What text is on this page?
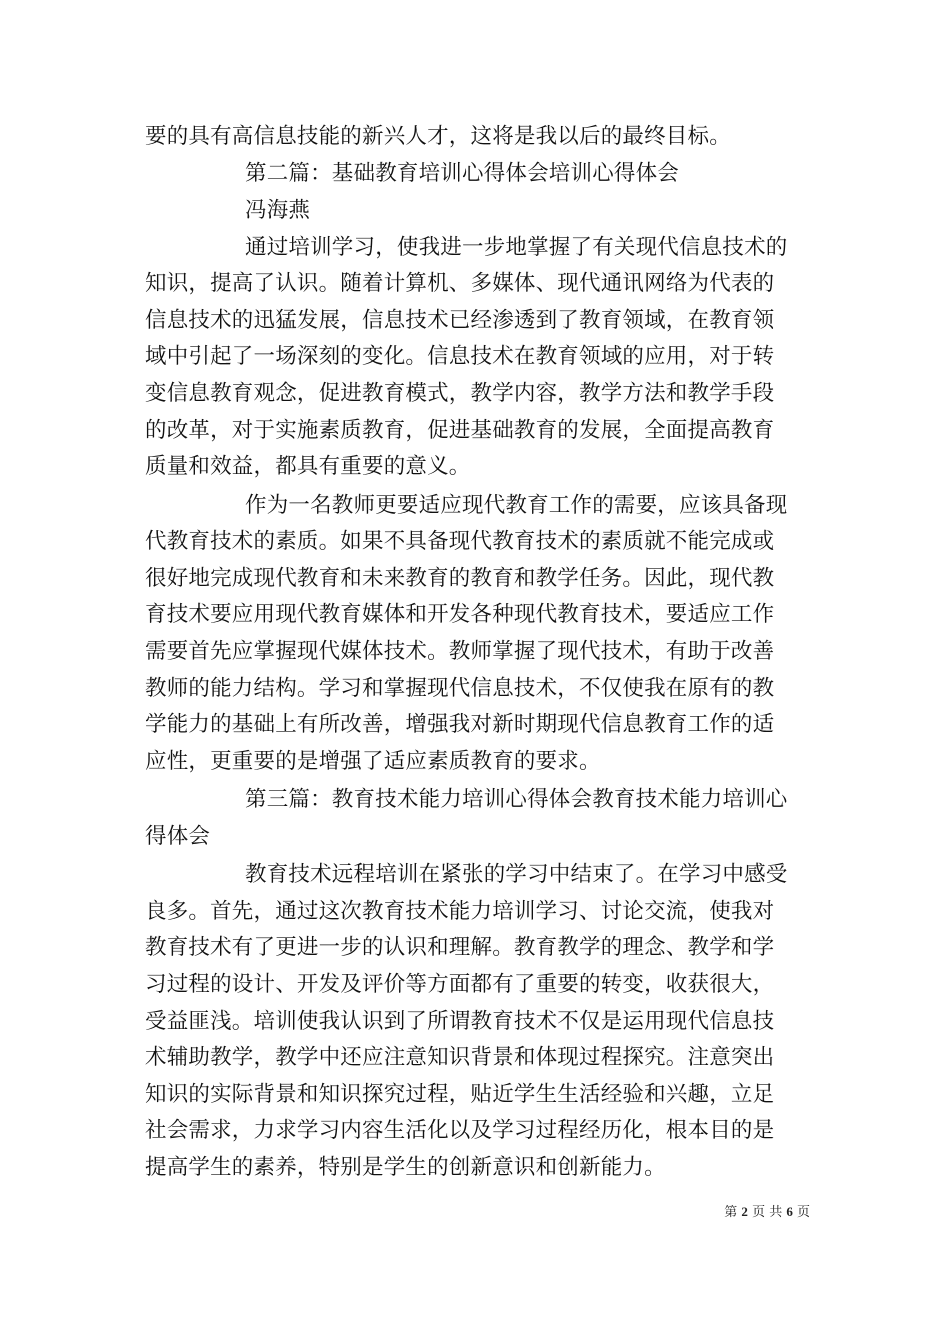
要的具有高信息技能的新兴人才，这将是我以后的最终目标。
第二篇：基础教育培训心得体会培训心得体会
冯海燕
通过培训学习，使我进一步地掌握了有关现代信息技术的
知识，提高了认识。随着计算机、多媒体、现代通讯网络为代表的
信息技术的迅猛发展，信息技术已经渗透到了教育领域，在教育领
域中引起了一场深刻的变化。信息技术在教育领域的应用，对于转
变信息教育观念，促进教育模式，教学内容，教学方法和教学手段
的改革，对于实施素质教育，促进基础教育的发展，全面提高教育
质量和效益，都具有重要的意义。
作为一名教师更要适应现代教育工作的需要，应该具备现
代教育技术的素质。如果不具备现代教育技术的素质就不能完成或
很好地完成现代教育和未来教育的教育和教学任务。因此，现代教
育技术要应用现代教育媒体和开发各种现代教育技术，要适应工作
需要首先应掌握现代媒体技术。教师掌握了现代技术，有助于改善
教师的能力结构。学习和掌握现代信息技术，不仅使我在原有的教
学能力的基础上有所改善，增强我对新时期现代信息教育工作的适
应性，更重要的是增强了适应素质教育的要求。
第三篇：教育技术能力培训心得体会教育技术能力培训心
得体会
教育技术远程培训在紧张的学习中结束了。在学习中感受
良多。首先，通过这次教育技术能力培训学习、讨论交流，使我对
教育技术有了更进一步的认识和理解。教育教学的理念、教学和学
习过程的设计、开发及评价等方面都有了重要的转变，收获很大，
受益匪浅。培训使我认识到了所谓教育技术不仅是运用现代信息技
术辅助教学，教学中还应注意知识背景和体现过程探究。注意突出
知识的实际背景和知识探究过程，贴近学生生活经验和兴趣，立足
社会需求，力求学习内容生活化以及学习过程经历化，根本目的是
提高学生的素养，特别是学生的创新意识和创新能力。
第 2 页 共 6 页
